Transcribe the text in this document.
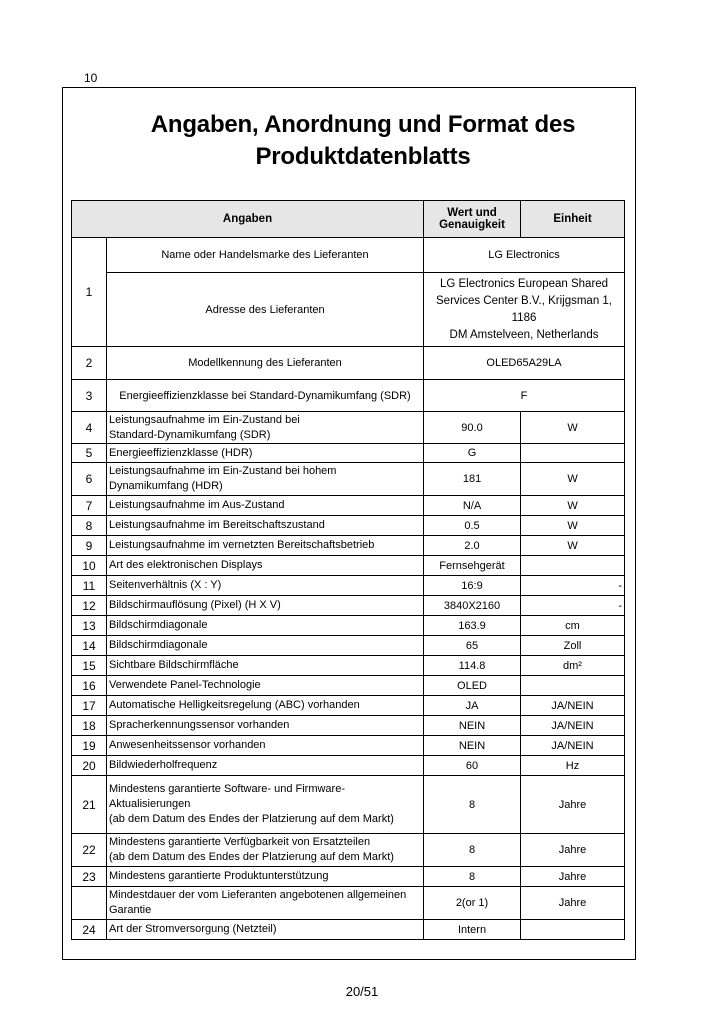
10
Angaben, Anordnung und Format des
Produktdatenblatts
Angaben		Wert und
Genauigkeit	Einheit
1	Name oder Handelsmarke des Lieferanten	LG Electronics	
	Adresse des Lieferanten	LG Electronics European Shared
Services Center B.V., Krijgsman 1, 1186
DM Amstelveen, Netherlands	

2	Modellkennung des Lieferanten	OLED65A29LA	
3	Energieeffizienzklasse bei Standard-Dynamikumfang (SDR)	F	
4	Leistungsaufnahme im Ein-Zustand bei
Standard-Dynamikumfang (SDR)	90.0	W
5	Energieeffizienzklasse (HDR)	G	
6	Leistungsaufnahme im Ein-Zustand bei hohem
Dynamikumfang (HDR)	181	W
7	Leistungsaufnahme im Aus-Zustand	N/A	W
8	Leistungsaufnahme im Bereitschaftszustand	0.5	W
9	Leistungsaufnahme im vernetzten Bereitschaftsbetrieb	2.0	W
10	Art des elektronischen Displays	Fernsehgerät	
11	Seitenverhältnis (X : Y)	16:9	-
12	Bildschirmauflösung (Pixel) (H X V)	3840X2160	-
13	Bildschirmdiagonale	163.9	cm
14	Bildschirmdiagonale	65	Zoll
15	Sichtbare Bildschirmfläche	114.8	dm²
16	Verwendete Panel-Technologie	OLED	
17	Automatische Helligkeitsregelung (ABC) vorhanden	JA	JA/NEIN
18	Spracherkennungssensor vorhanden	NEIN	JA/NEIN
19	Anwesenheitssensor vorhanden	NEIN	JA/NEIN
20	Bildwiederholfrequenz	60	Hz
21	Mindestens garantierte Software- und Firmware-Aktualisierungen
(ab dem Datum des Endes der Platzierung auf dem Markt)	8	Jahre
22	Mindestens garantierte Verfügbarkeit von Ersatzteilen
(ab dem Datum des Endes der Platzierung auf dem Markt)	8	Jahre
23	Mindestens garantierte Produktunterstützung	8	Jahre

	Mindestdauer der vom Lieferanten angebotenen allgemeinen
Garantie	2(or 1)	Jahre
24	Art der Stromversorgung (Netzteil)	Intern	
20/51
